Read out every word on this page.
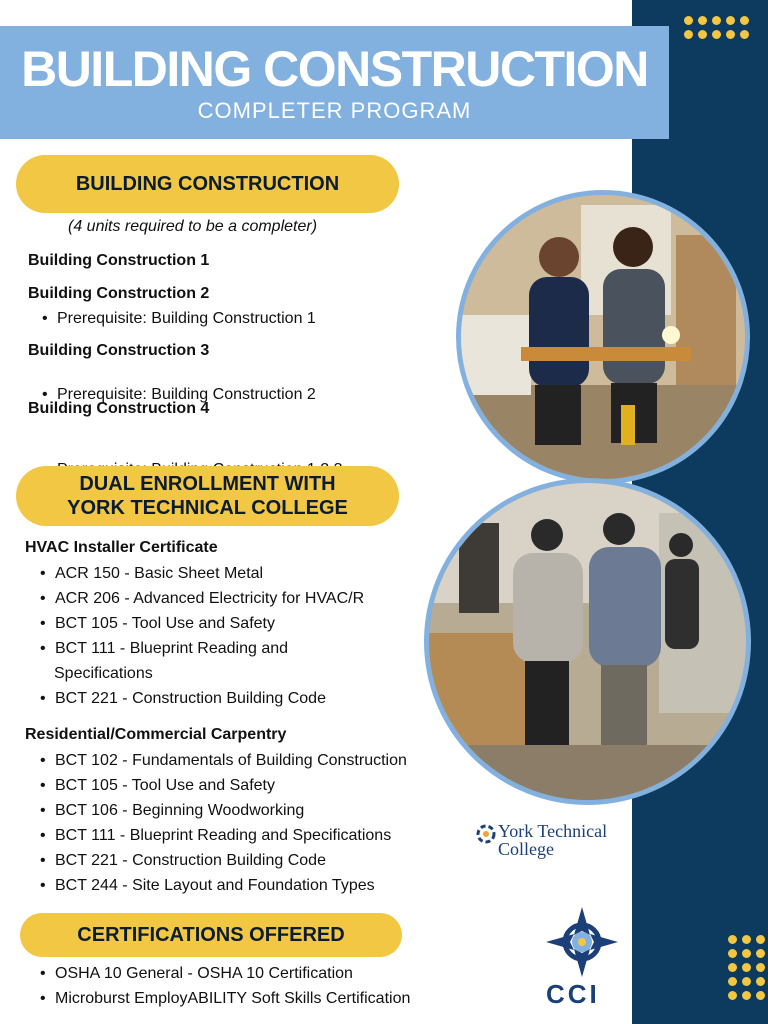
BUILDING CONSTRUCTION
COMPLETER PROGRAM
BUILDING CONSTRUCTION
(4 units required to be a completer)
Building Construction 1
Building Construction 2
• Prerequisite: Building Construction 1
Building Construction 3
• Prerequisite: Building Construction 2
Building Construction 4
•
DUAL ENROLLMENT WITH
YORK TECHNICAL COLLEGE
HVAC Installer Certificate
• ACR 150 - Basic Sheet Metal
• ACR 206 - Advanced Electricity for HVAC/R
• BCT 105 - Tool Use and Safety
• BCT 111 - Blueprint Reading and
Specifications
• BCT 221 - Construction Building Code
Residential/Commercial Carpentry
• BCT 102 - Fundamentals of Building Construction
• BCT 105 - Tool Use and Safety
• BCT 106 - Beginning Woodworking
• BCT 111 - Blueprint Reading and Specifications
• BCT 221 - Construction Building Code
• BCT 244 - Site Layout and Foundation Types
CERTIFICATIONS OFFERED
• OSHA 10 General - OSHA 10 Certification
• Microburst EmployABILITY Soft Skills Certification
York Technical
College
CCI
